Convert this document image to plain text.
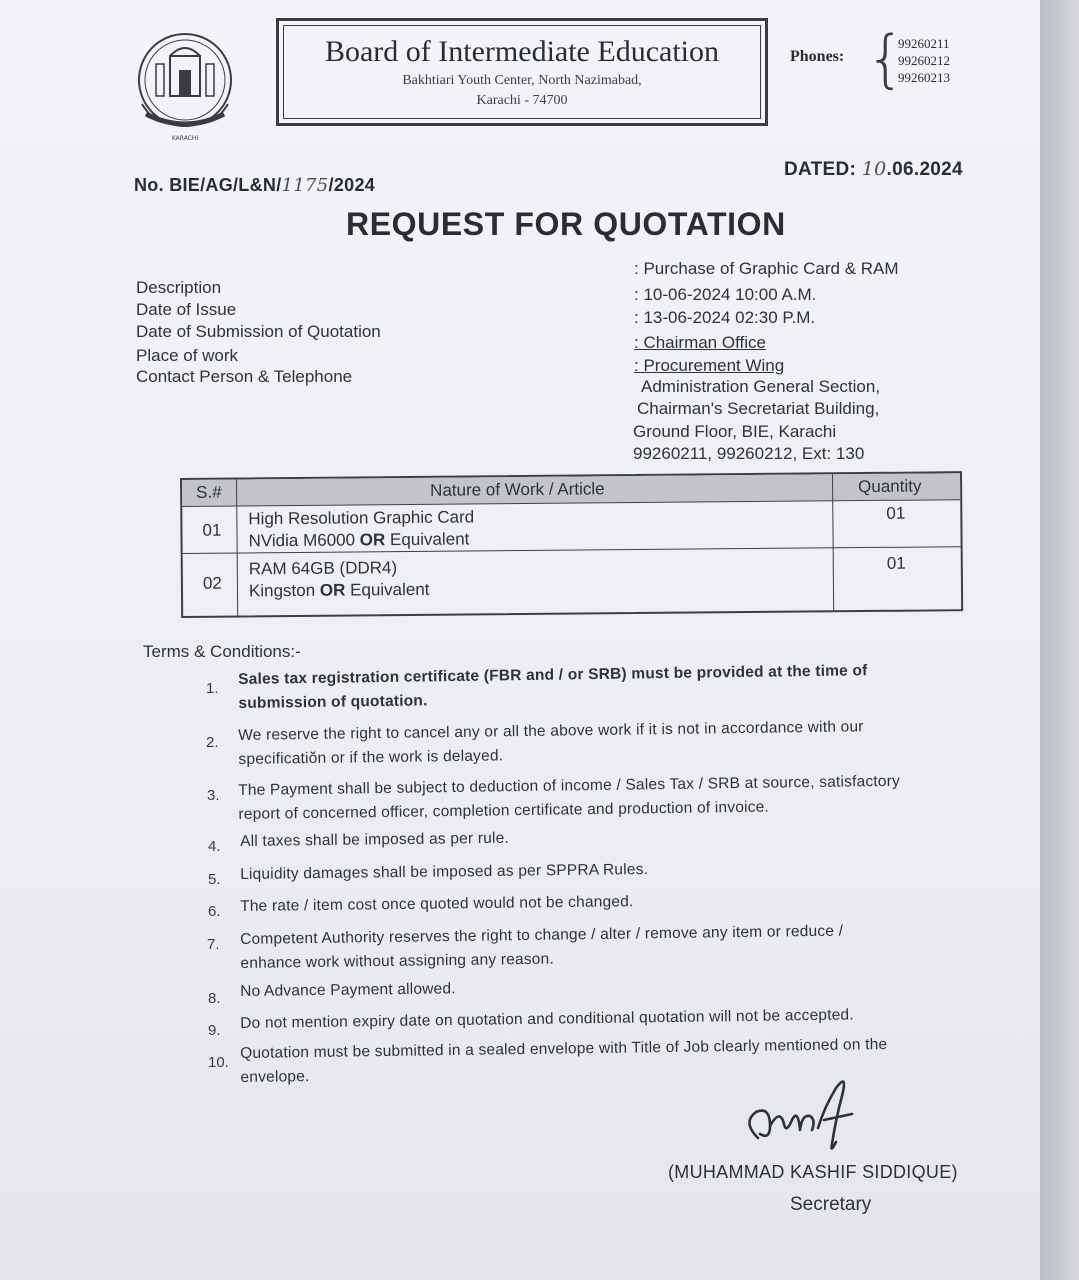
KARACHI
Board of Intermediate Education
Bakhtiari Youth Center, North Nazimabad,
Karachi - 74700
Phones: {
99260211
99260212
99260213
DATED: 10.06.2024
No. BIE/AG/L&N/1175/2024
REQUEST FOR QUOTATION
Description
Date of Issue
Date of Submission of Quotation
Place of work
Contact Person & Telephone
: Purchase of Graphic Card & RAM
: 10-06-2024 10:00 A.M.
: 13-06-2024 02:30 P.M.
: Chairman Office
: Procurement Wing
Administration General Section,
Chairman's Secretariat Building,
Ground Floor, BIE, Karachi
99260211, 99260212, Ext: 130
S.#	Nature of Work / Article	Quantity
01
High Resolution Graphic Card
NVidia M6000 OR Equivalent
01
02
RAM 64GB (DDR4)
Kingston OR Equivalent
01
Terms & Conditions:-
1.
Sales tax registration certificate (FBR and / or SRB) must be provided at the time of
submission of quotation.
2. We reserve the right to cancel any or all the above work if it is not in accordance with our
specificatiŏn or if the work is delayed.
3. The Payment shall be subject to deduction of income / Sales Tax / SRB at source, satisfactory
report of concerned officer, completion certificate and production of invoice.
4. All taxes shall be imposed as per rule.
5. Liquidity damages shall be imposed as per SPPRA Rules.
6. The rate / item cost once quoted would not be changed.
7. Competent Authority reserves the right to change / alter / remove any item or reduce /
enhance work without assigning any reason.
8. No Advance Payment allowed.
9. Do not mention expiry date on quotation and conditional quotation will not be accepted.
10.
Quotation must be submitted in a sealed envelope with Title of Job clearly mentioned on the
envelope.
(MUHAMMAD KASHIF SIDDIQUE)
Secretary
